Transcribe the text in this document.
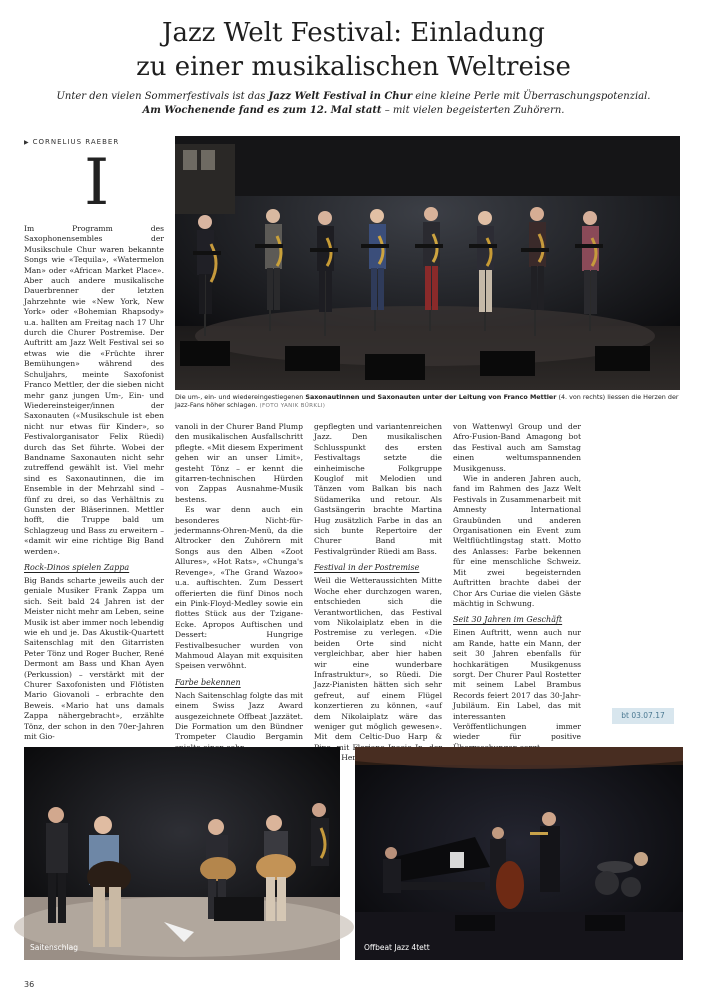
Jazz Welt Festival: Einladung
zu einer musikalischen Weltreise
Unter den vielen Sommerfestivals ist das Jazz Welt Festival in Chur eine kleine Perle mit Überraschungspotenzial.
Am Wochenende fand es zum 12. Mal statt – mit vielen begeisterten Zuhörern.
▶ CORNELIUS RAEBER
I
Die um-, ein- und wiedereingestiegenen Saxonautinnen und Saxonauten unter der Leitung von Franco Mettler (4. von rechts) liessen die Herzen der Jazz-Fans höher schlagen. (FOTO YANIK BÜRKLI)

Im Programm des Saxophonensembles der Musikschule Chur waren bekannte Songs wie «Tequila», «Watermelon Man» oder «African Market Place». Aber auch andere musikalische Dauerbrenner der letzten Jahrzehnte wie «New York, New York» oder «Bohemian Rhapsody» u.a. hallten am Freitag nach 17 Uhr durch die Churer Postremise. Der Auftritt am Jazz Welt Festival sei so etwas wie die «Früchte ihrer Bemühungen» während des Schuljahrs, meinte Saxofonist Franco Mettler, der die sieben nicht mehr ganz jungen Um-, Ein- und Wiedereinsteiger/innen der Saxonauten («Musikschule ist eben nicht nur etwas für Kinder», so Festivalorganisator Felix Rüedi) durch das Set führte. Wobei der Bandname Saxonauten nicht sehr zutreffend gewählt ist. Viel mehr sind es Saxonautinnen, die im Ensemble in der Mehrzahl sind – fünf zu drei, so das Verhältnis zu Gunsten der Bläserinnen. Mettler hofft, die Truppe bald um Schlagzeug und Bass zu erweitern – «damit wir eine richtige Big Band werden».

Rock-Dinos spielen Zappa

Big Bands scharte jeweils auch der geniale Musiker Frank Zappa um sich. Seit bald 24 Jahren ist der Meister nicht mehr am Leben, seine Musik ist aber immer noch lebendig wie eh und je. Das Akustik-Quartett Saitenschlag mit den Gitarristen Peter Tönz und Roger Bucher, René Dermont am Bass und Khan Ayen (Perkussion) – verstärkt mit der Churer Saxofonisten und Flötisten Mario Giovanoli – erbrachte den Beweis. «Mario hat uns damals Zappa nähergebracht», erzählte Tönz, der schon in den 70er-Jahren mit Gio-

vanoli in der Churer Band Plump den musikalischen Ausfallschritt pflegte. «Mit diesem Experiment gehen wir an unser Limit», gesteht Tönz – er kennt die gitarren-technischen Hürden von Zappas Ausnahme-Musik bestens.

Es war denn auch ein besonderes Nicht-für-jedermanns-Ohren-Menü, da die Altrocker den Zuhörern mit Songs aus den Alben «Zoot Allures», «Hot Rats», «Chunga's Revenge», «The Grand Wazoo» u.a. auftischten. Zum Dessert offerierten die fünf Dinos noch ein Pink-Floyd-Medley sowie ein flottes Stück aus der Tzigane-Ecke. Apropos Auftischen und Dessert: Hungrige Festivalbesucher wurden von Mahmoud Alayan mit exquisiten Speisen verwöhnt.

Farbe bekennen

Nach Saitenschlag folgte das mit einem Swiss Jazz Award ausgezeichnete Offbeat Jazzätet. Die Formation um den Bündner Trompeter Claudio Bergamin

gepflegten und variantenreichen Jazz. Den musikalischen Schlusspunkt des ersten Festivaltags setzte die einheimische Folkgruppe Kouglof mit Melodien und Tänzen vom Balkan bis nach Südamerika und retour. Als Gastsängerin brachte Martina Hug zusätzlich Farbe in das an sich bunte Repertoire der Churer Band mit Festivalgründer Rüedi am Bass.

Festival in der Postremise

Weil die Wetteraussichten Mitte Woche eher durchzogen waren, entschieden sich die Verantwortlichen, das Festival vom Nikolaiplatz eben in die Postremise zu verlegen. «Die beiden Orte sind nicht vergleichbar, aber hier haben wir eine wunderbare Infrastruktur», so Rüedi. Die Jazz-Pianisten hätten sich sehr gefreut, auf einem Flügel konzertieren zu können, «auf dem Nikolaiplatz wäre das weniger gut möglich gewesen». Mit dem Celtic-Duo Harp & mit

von Wattenwyl Group und der Afro-Fusion-Band Amagong bot das Festival auch am Samstag einen weltumspannenden Musikgenuss.

Wie in anderen Jahren auch, fand im Rahmen des Jazz Welt Festivals in Zusammenarbeit mit Amnesty International Graubünden und anderen Organisationen ein Event zum Weltflüchtlingstag statt. Motto des Anlasses: Farbe bekennen für eine menschliche Schweiz. Mit zwei begeisternden Auftritten brachte dabei der Chor Ars Curiae die vielen Gäste mächtig in Schwung.

Seit 30 Jahren im Geschäft

Einen Auftritt, wenn auch nur am Rande, hatte ein Mann, der seit 30 Jahren ebenfalls für hochkarätigen Musikgenuss sorgt. Der Churer Paul Rostetter mit seinem Label Brambus Records feiert 2017 das 30-Jahr-Jubiläum. Ein Label, das mit interessanten Veröffentlichungen immer wieder für positive

bt 03.07.17
Saitenschlag	Offbeat Jazz 4tett
36
